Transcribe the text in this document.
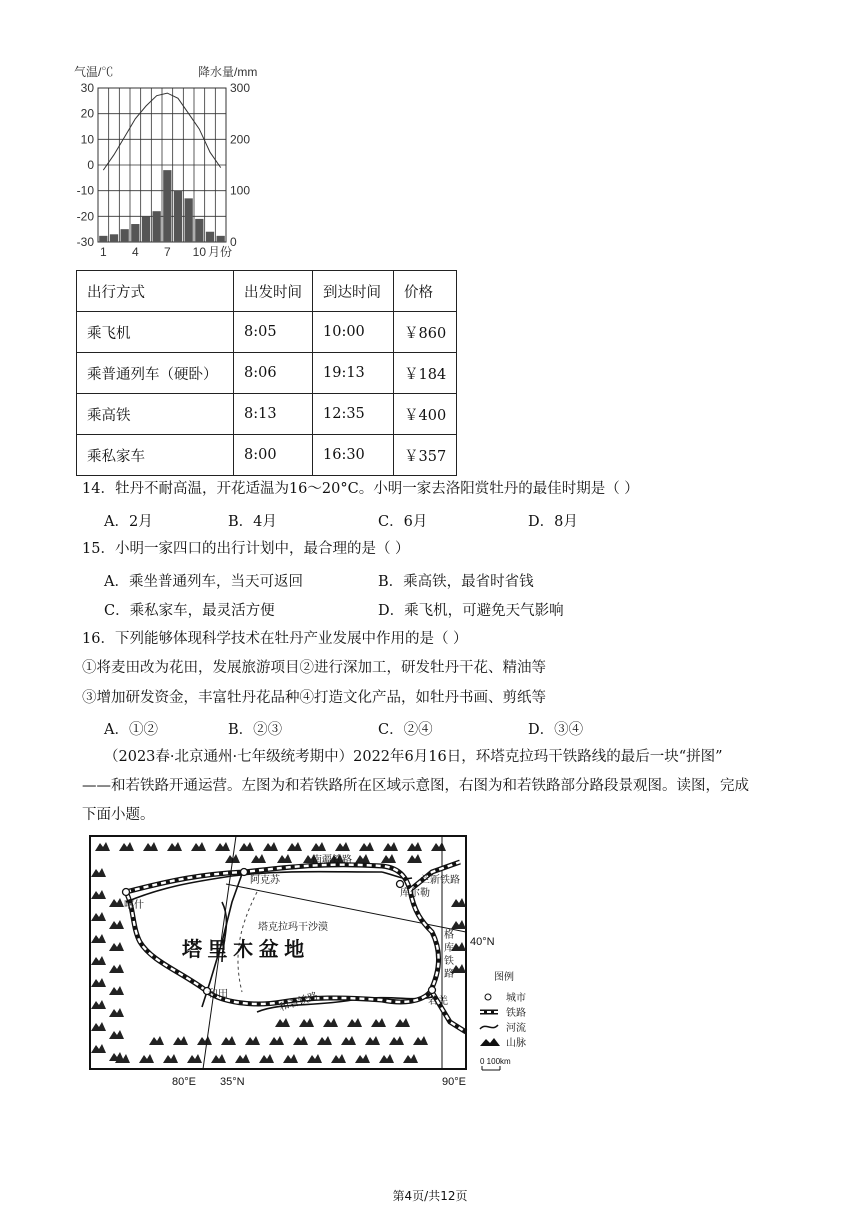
气温/℃	降水量/mm
30
20
10
0
-10
-20
-30
300
200
100
0
1 4 7 10 月份
出行方式	出发时间	到达时间	价格
乘飞机	8:05	10:00	￥860
乘普通列车（硬卧）	8:06	19:13	￥184
乘高铁	8:13	12:35	￥400
乘私家车	8:00	16:30	￥357
14．牡丹不耐高温，开花适温为16～20°C。小明一家去洛阳赏牡丹的最佳时期是（ ）
A．2月	B．4月	C．6月	D．8月
15．小明一家四口的出行计划中，最合理的是（ ）
A．乘坐普通列车，当天可返回	B．乘高铁，最省时省钱
C．乘私家车，最灵活方便	D．乘飞机，可避免天气影响
16．下列能够体现科学技术在牡丹产业发展中作用的是（ ）
①将麦田改为花田，发展旅游项目②进行深加工，研发牡丹干花、精油等
③增加研发资金，丰富牡丹花品种④打造文化产品，如牡丹书画、剪纸等
A．①②	B．②③	C．②④	D．③④
（2023春·北京通州·七年级统考期中）2022年6月16日，环塔克拉玛干铁路线的最后一块“拼图”
——和若铁路开通运营。左图为和若铁路所在区域示意图，右图为和若铁路部分路段景观图。读图，完成
下面小题。
喀什
阿克苏
库尔勒
和田
若羌
南疆铁路
兰新铁路
塔克拉玛干沙漠
和若铁路
格
库
铁
路
塔 里 木 盆 地	40°N
80°E 35°N	90°E
图例
城市
铁路
河流
山脉
0 100km
第4页/共12页
